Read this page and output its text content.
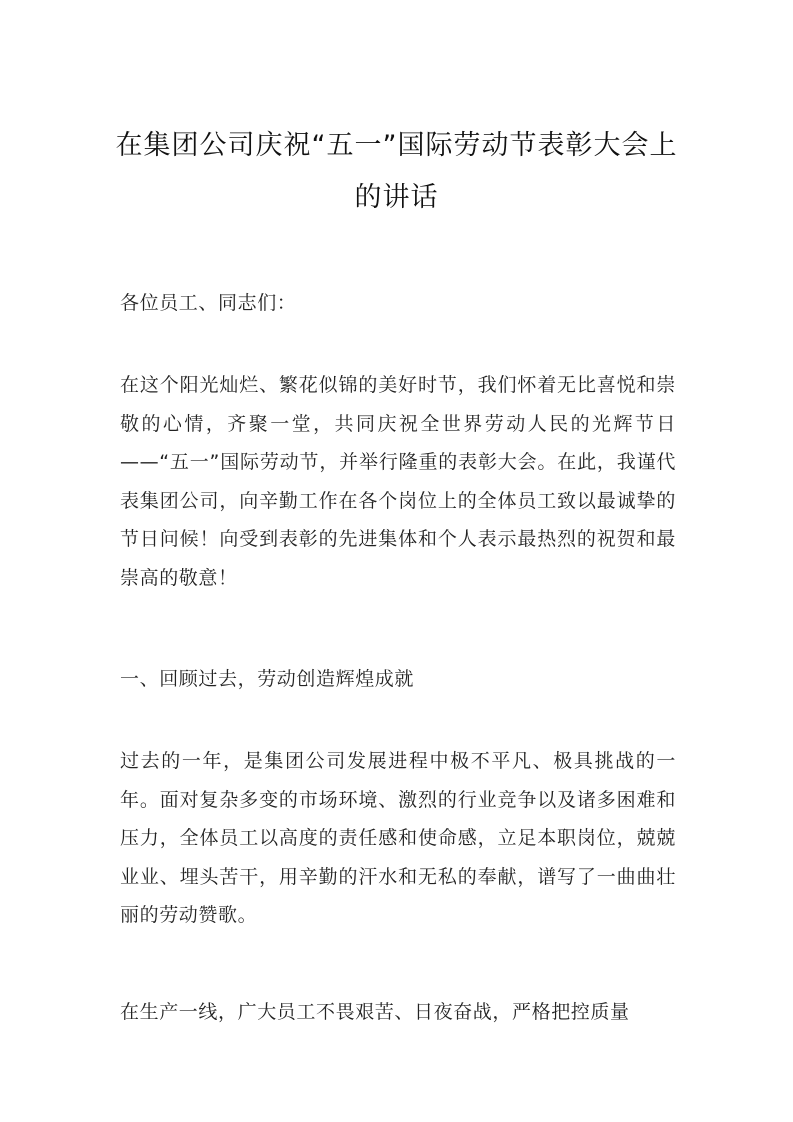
在集团公司庆祝“五一”国际劳动节表彰大会上的讲话
各位员工、同志们：
在这个阳光灿烂、繁花似锦的美好时节，我们怀着无比喜悦和崇敬的心情，齐聚一堂，共同庆祝全世界劳动人民的光辉节日——“五一”国际劳动节，并举行隆重的表彰大会。在此，我谨代表集团公司，向辛勤工作在各个岗位上的全体员工致以最诚挚的节日问候！向受到表彰的先进集体和个人表示最热烈的祝贺和最崇高的敬意！
一、回顾过去，劳动创造辉煌成就
过去的一年，是集团公司发展进程中极不平凡、极具挑战的一年。面对复杂多变的市场环境、激烈的行业竞争以及诸多困难和压力，全体员工以高度的责任感和使命感，立足本职岗位，兢兢业业、埋头苦干，用辛勤的汗水和无私的奉献，谱写了一曲曲壮丽的劳动赞歌。
在生产一线，广大员工不畏艰苦、日夜奋战，严格把控质量
